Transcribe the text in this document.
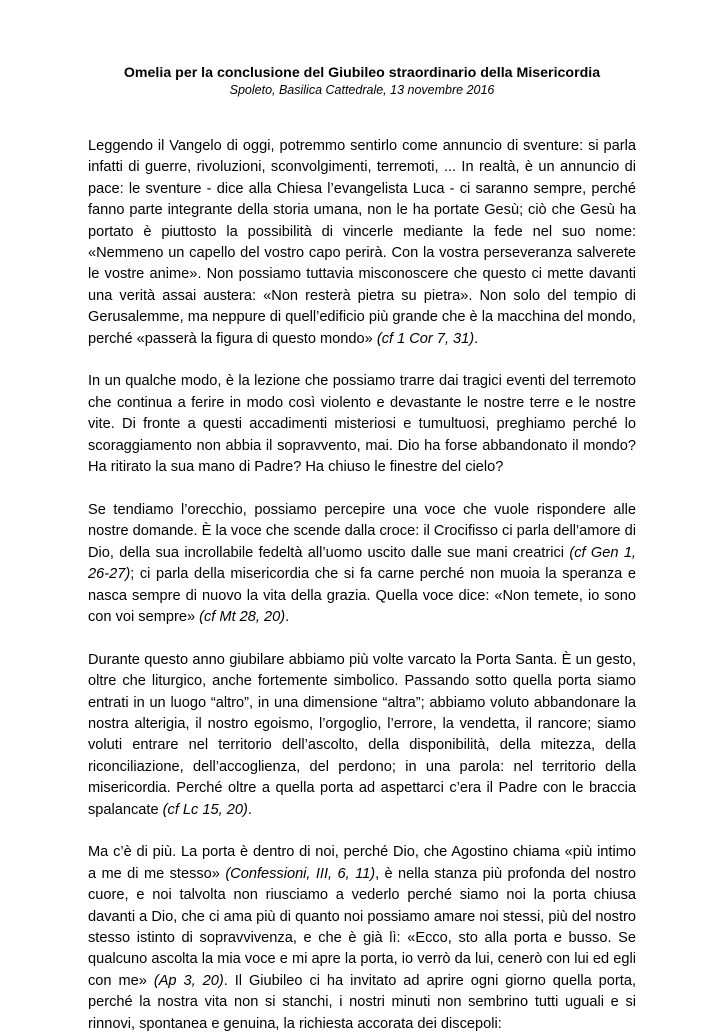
Omelia per la conclusione del Giubileo straordinario della Misericordia
Spoleto, Basilica Cattedrale, 13 novembre 2016

Leggendo il Vangelo di oggi, potremmo sentirlo come annuncio di sventure: si parla infatti di guerre, rivoluzioni, sconvolgimenti, terremoti, ... In realtà, è un annuncio di pace: le sventure - dice alla Chiesa l’evangelista Luca - ci saranno sempre, perché fanno parte integrante della storia umana, non le ha portate Gesù; ciò che Gesù ha portato è piuttosto la possibilità di vincerle mediante la fede nel suo nome: «Nemmeno un capello del vostro capo perirà. Con la vostra perseveranza salverete le vostre anime». Non possiamo tuttavia misconoscere che questo ci mette davanti una verità assai austera: «Non resterà pietra su pietra». Non solo del tempio di Gerusalemme, ma neppure di quell’edificio più grande che è la macchina del mondo, perché «passerà la figura di questo mondo» (cf 1 Cor 7, 31).

In un qualche modo, è la lezione che possiamo trarre dai tragici eventi del terremoto che continua a ferire in modo così violento e devastante le nostre terre e le nostre vite. Di fronte a questi accadimenti misteriosi e tumultuosi, preghiamo perché lo scoraggiamento non abbia il sopravvento, mai. Dio ha forse abbandonato il mondo? Ha ritirato la sua mano di Padre? Ha chiuso le finestre del cielo?

Se tendiamo l’orecchio, possiamo percepire una voce che vuole rispondere alle nostre domande. È la voce che scende dalla croce: il Crocifisso ci parla dell’amore di Dio, della sua incrollabile fedeltà all’uomo uscito dalle sue mani creatrici (cf Gen 1, 26-27); ci parla della misericordia che si fa carne perché non muoia la speranza e nasca sempre di nuovo la vita della grazia. Quella voce dice: «Non temete, io sono con voi sempre» (cf Mt 28, 20).

Durante questo anno giubilare abbiamo più volte varcato la Porta Santa. È un gesto, oltre che liturgico, anche fortemente simbolico. Passando sotto quella porta siamo entrati in un luogo “altro”, in una dimensione “altra”; abbiamo voluto abbandonare la nostra alterigia, il nostro egoismo, l’orgoglio, l’errore, la vendetta, il rancore; siamo voluti entrare nel territorio dell’ascolto, della disponibilità, della mitezza, della riconciliazione, dell’accoglienza, del perdono; in una parola: nel territorio della misericordia. Perché oltre a quella porta ad aspettarci c’era il Padre con le braccia spalancate (cf Lc 15, 20).

Ma c’è di più. La porta è dentro di noi, perché Dio, che Agostino chiama «più intimo a me di me stesso» (Confessioni, III, 6, 11), è nella stanza più profonda del nostro cuore, e noi talvolta non riusciamo a vederlo perché siamo noi la porta chiusa davanti a Dio, che ci ama più di quanto noi possiamo amare noi stessi, più del nostro stesso istinto di sopravvivenza, e che è già lì: «Ecco, sto alla porta e busso. Se qualcuno ascolta la mia voce e mi apre la porta, io verrò da lui, cenerò con lui ed egli con me» (Ap 3, 20). Il Giubileo ci ha invitato ad aprire ogni giorno quella porta, perché la nostra vita non si stanchi, i nostri minuti non sembrino tutti uguali e si rinnovi, spontanea e genuina, la richiesta accorata dei discepoli:
